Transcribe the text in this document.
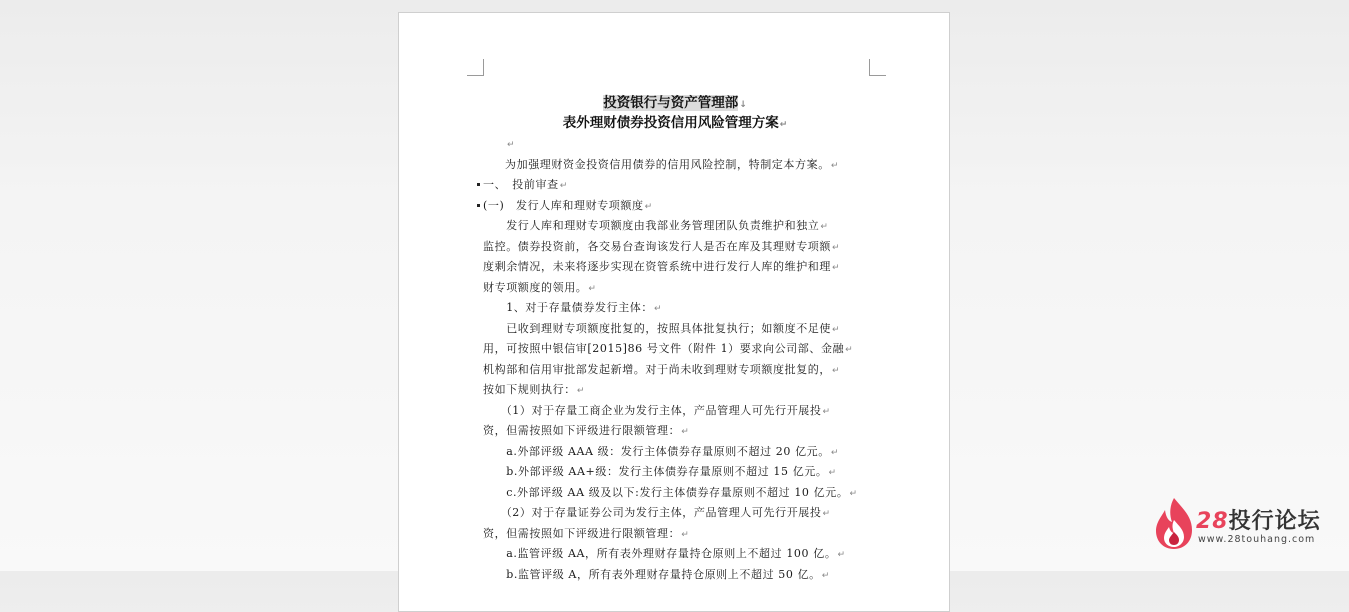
投资银行与资产管理部↓
表外理财债券投资信用风险管理方案↵
↵
为加强理财资金投资信用债券的信用风险控制，特制定本方案。↵
一、　投前审查↵
(一)　发行人库和理财专项额度↵
　　发行人库和理财专项额度由我部业务管理团队负责维护和独立↵
监控。债券投资前，各交易台查询该发行人是否在库及其理财专项额↵
度剩余情况，未来将逐步实现在资管系统中进行发行人库的维护和理↵
财专项额度的领用。↵
　　1、对于存量债券发行主体：↵
　　已收到理财专项额度批复的，按照具体批复执行；如额度不足使↵
用，可按照中银信审[2015]86 号文件（附件 1）要求向公司部、金融↵
机构部和信用审批部发起新增。对于尚未收到理财专项额度批复的，↵
按如下规则执行：↵
　　（1）对于存量工商企业为发行主体，产品管理人可先行开展投↵
资，但需按照如下评级进行限额管理：↵
　　a.外部评级 AAA 级：发行主体债券存量原则不超过 20 亿元。↵
　　b.外部评级 AA+级：发行主体债券存量原则不超过 15 亿元。↵
　　c.外部评级 AA 级及以下:发行主体债券存量原则不超过 10 亿元。↵
　　（2）对于存量证券公司为发行主体，产品管理人可先行开展投↵
资，但需按照如下评级进行限额管理：↵
　　a.监管评级 AA，所有表外理财存量持仓原则上不超过 100 亿。↵
　　b.监管评级 A，所有表外理财存量持仓原则上不超过 50 亿。↵
28投行论坛
www.28touhang.com
